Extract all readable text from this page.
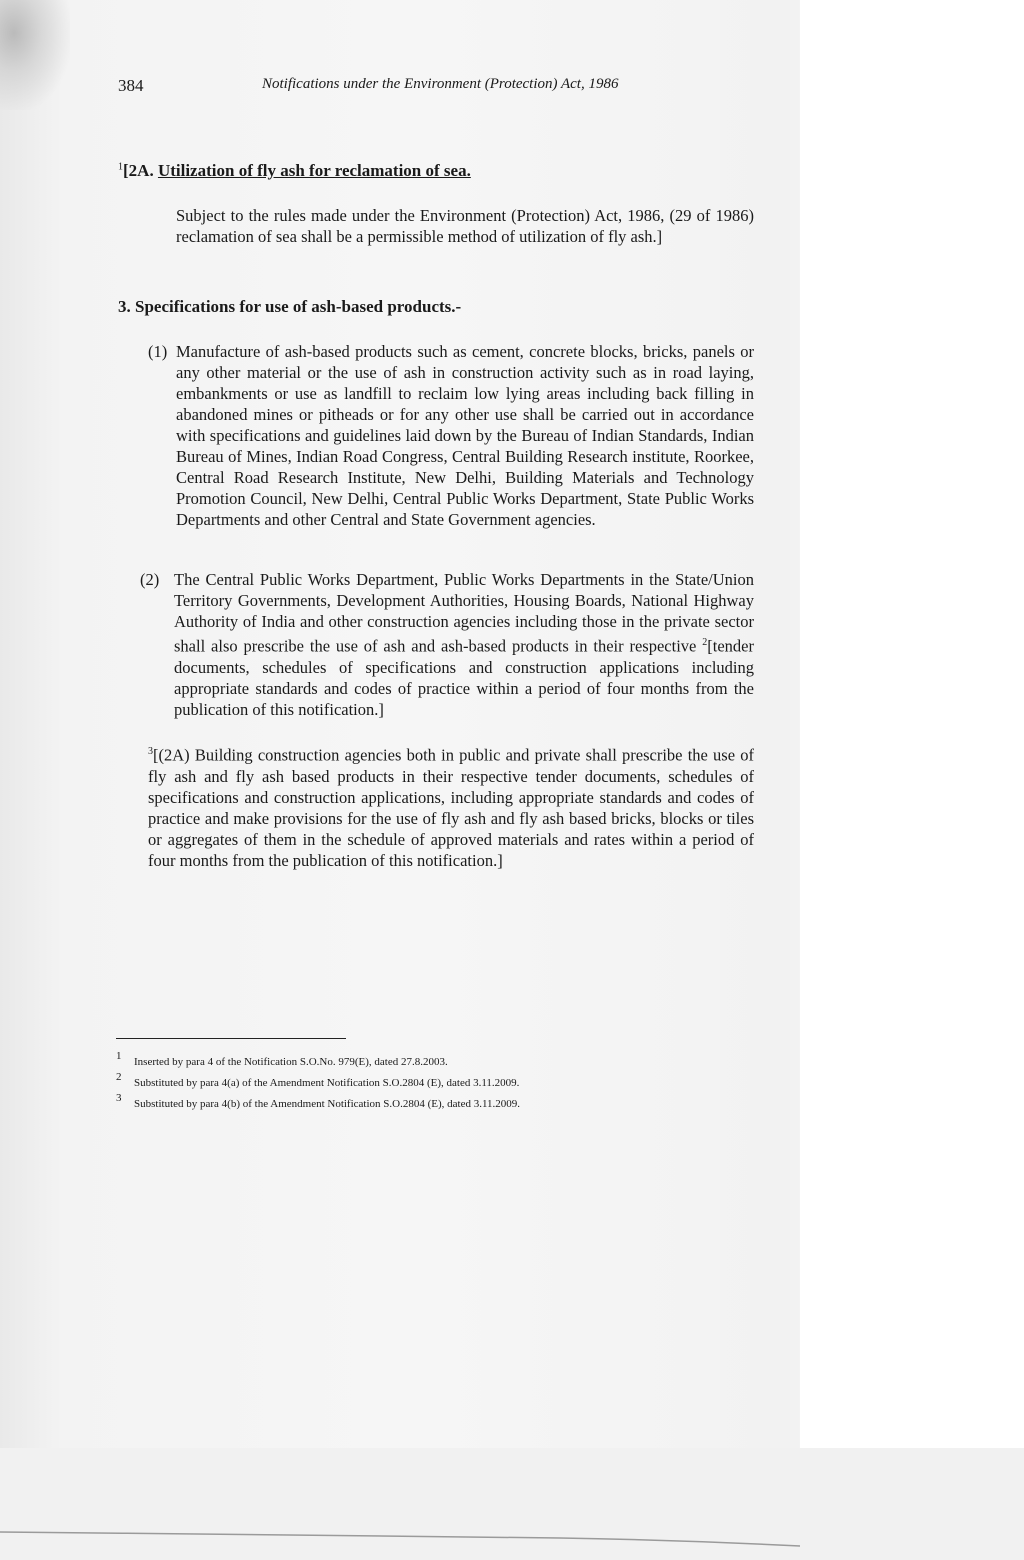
384	Notifications under the Environment (Protection) Act, 1986
$^1$[2A. Utilization of fly ash for reclamation of sea.
Subject to the rules made under the Environment (Protection) Act, 1986, (29 of 1986) reclamation of sea shall be a permissible method of utilization of fly ash.]
3. Specifications for use of ash-based products.-
(1) Manufacture of ash-based products such as cement, concrete blocks, bricks, panels or any other material or the use of ash in construction activity such as in road laying, embankments or use as landfill to reclaim low lying areas including back filling in abandoned mines or pitheads or for any other use shall be carried out in accordance with specifications and guidelines laid down by the Bureau of Indian Standards, Indian Bureau of Mines, Indian Road Congress, Central Building Research institute, Roorkee, Central Road Research Institute, New Delhi, Building Materials and Technology Promotion Council, New Delhi, Central Public Works Department, State Public Works Departments and other Central and State Government agencies.
(2) The Central Public Works Department, Public Works Departments in the State/Union Territory Governments, Development Authorities, Housing Boards, National Highway Authority of India and other construction agencies including those in the private sector shall also prescribe the use of ash and ash-based products in their respective $^2$[tender documents, schedules of specifications and construction applications including appropriate standards and codes of practice within a period of four months from the publication of this notification.]
$^3$[(2A) Building construction agencies both in public and private shall prescribe the use of fly ash and fly ash based products in their respective tender documents, schedules of specifications and construction applications, including appropriate standards and codes of practice and make provisions for the use of fly ash and fly ash based bricks, blocks or tiles or aggregates of them in the schedule of approved materials and rates within a period of four months from the publication of this notification.]
1 Inserted by para 4 of the Notification S.O.No. 979(E), dated 27.8.2003.
2 Substituted by para 4(a) of the Amendment Notification S.O.2804 (E), dated 3.11.2009.
3 Substituted by para 4(b) of the Amendment Notification S.O.2804 (E), dated 3.11.2009.
